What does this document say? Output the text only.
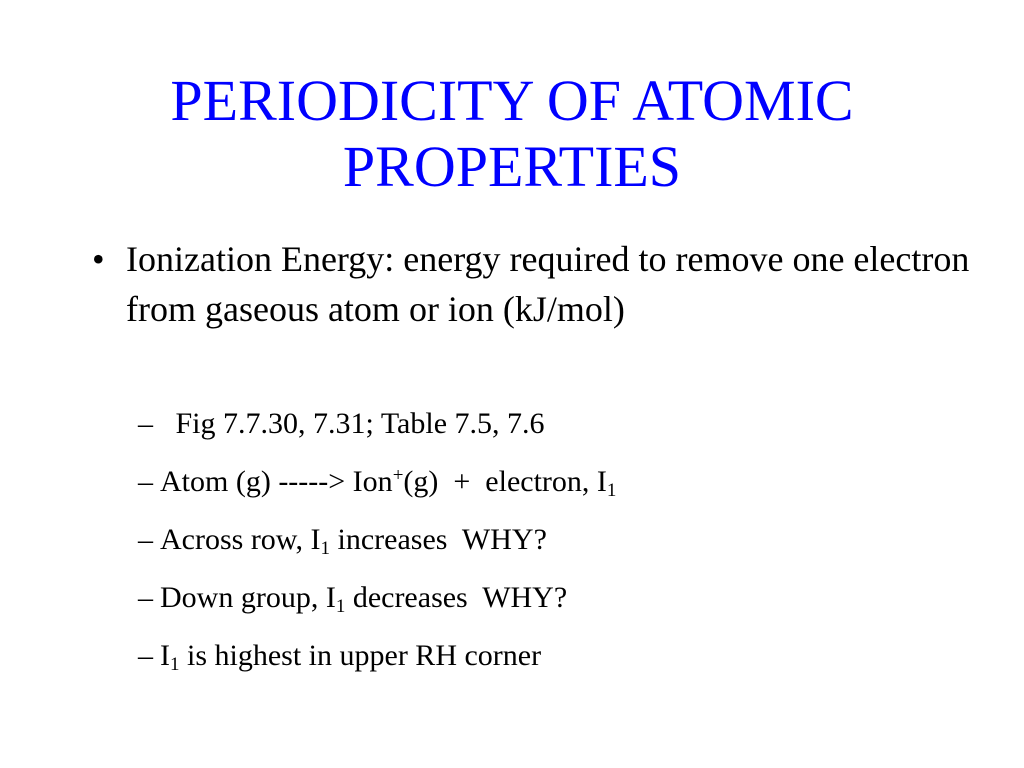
PERIODICITY OF ATOMIC
PROPERTIES
• Ionization Energy: energy required to remove one electron from gaseous atom or ion (kJ/mol)
– Fig 7.7.30, 7.31; Table 7.5, 7.6
– Atom (g) -----> Ion+(g)  +  electron, $I_1$
– Across row, $I_1$ increases  WHY?
– Down group, $I_1$ decreases  WHY?
– $I_1$ is highest in upper RH corner
